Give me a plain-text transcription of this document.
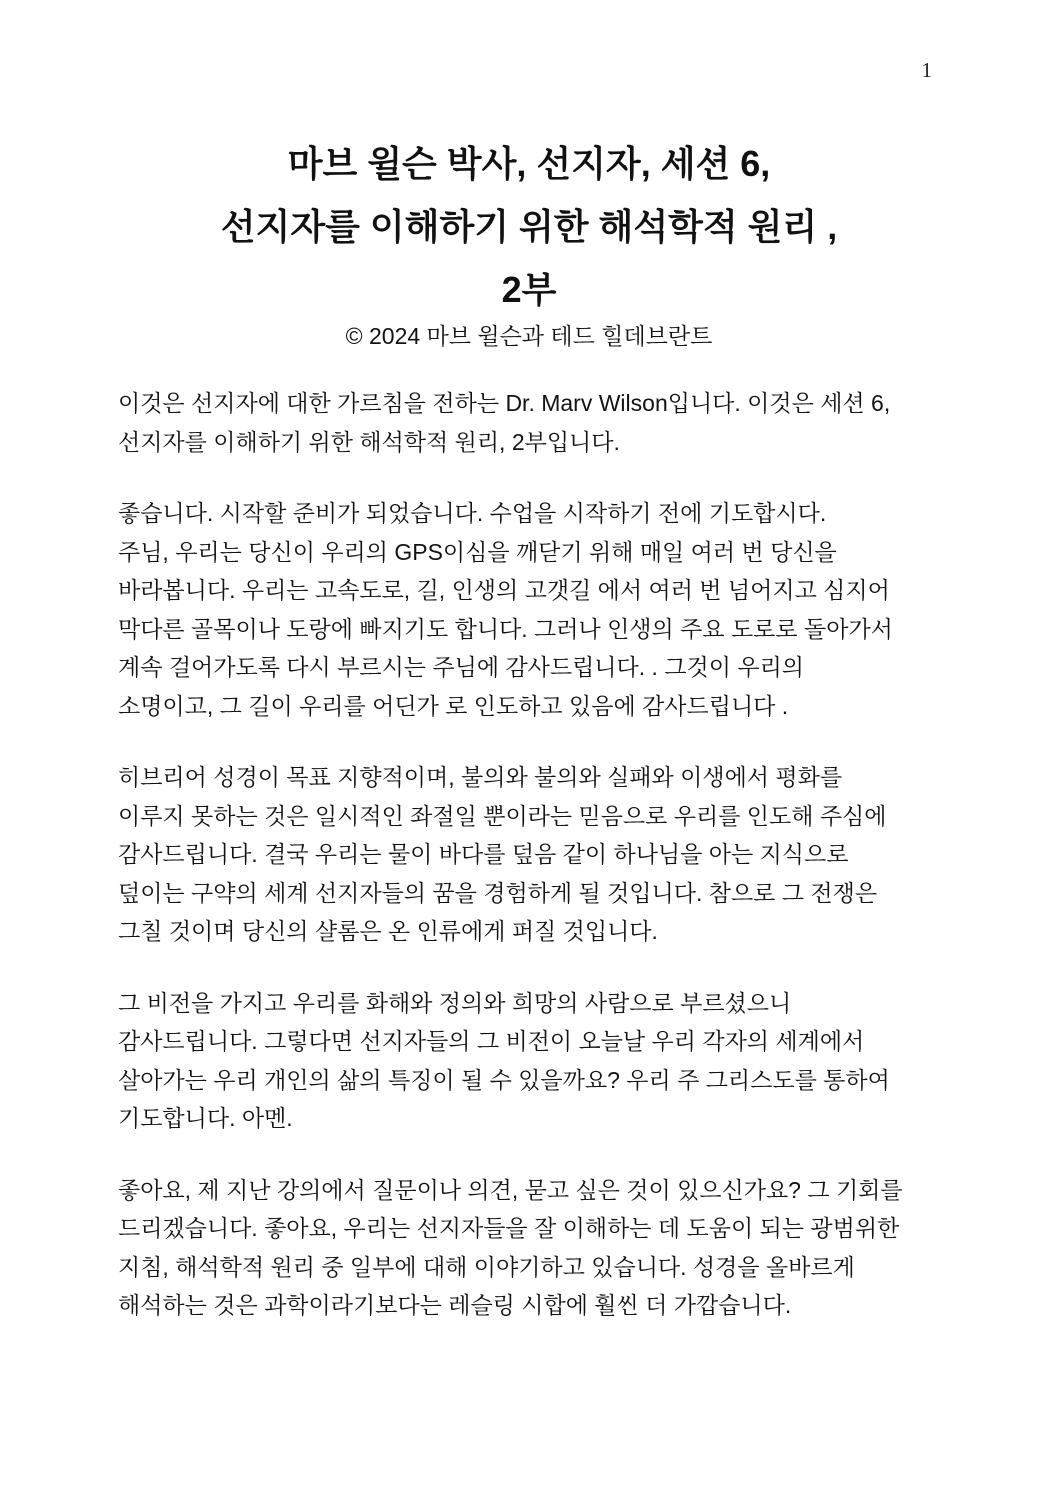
1
마브 윌슨 박사, 선지자, 세션 6,
선지자를 이해하기 위한 해석학적 원리 ,
2부
© 2024 마브 윌슨과 테드 힐데브란트

이것은 선지자에 대한 가르침을 전하는 Dr. Marv Wilson입니다. 이것은 세션 6,
선지자를 이해하기 위한 해석학적 원리, 2부입니다.

좋습니다. 시작할 준비가 되었습니다. 수업을 시작하기 전에 기도합시다.
주님, 우리는 당신이 우리의 GPS이심을 깨닫기 위해 매일 여러 번 당신을
바라봅니다. 우리는 고속도로, 길, 인생의 고갯길 에서 여러 번 넘어지고 심지어
막다른 골목이나 도랑에 빠지기도 합니다. 그러나 인생의 주요 도로로 돌아가서
계속 걸어가도록 다시 부르시는 주님에 감사드립니다. . 그것이 우리의
소명이고, 그 길이 우리를 어딘가 로 인도하고 있음에 감사드립니다 .

히브리어 성경이 목표 지향적이며, 불의와 불의와 실패와 이생에서 평화를
이루지 못하는 것은 일시적인 좌절일 뿐이라는 믿음으로 우리를 인도해 주심에
감사드립니다. 결국 우리는 물이 바다를 덮음 같이 하나님을 아는 지식으로
덮이는 구약의 세계 선지자들의 꿈을 경험하게 될 것입니다. 참으로 그 전쟁은
그칠 것이며 당신의 샬롬은 온 인류에게 퍼질 것입니다.

그 비전을 가지고 우리를 화해와 정의와 희망의 사람으로 부르셨으니
감사드립니다. 그렇다면 선지자들의 그 비전이 오늘날 우리 각자의 세계에서
살아가는 우리 개인의 삶의 특징이 될 수 있을까요? 우리 주 그리스도를 통하여
기도합니다. 아멘.

좋아요, 제 지난 강의에서 질문이나 의견, 묻고 싶은 것이 있으신가요? 그 기회를
드리겠습니다. 좋아요, 우리는 선지자들을 잘 이해하는 데 도움이 되는 광범위한
지침, 해석학적 원리 중 일부에 대해 이야기하고 있습니다. 성경을 올바르게
해석하는 것은 과학이라기보다는 레슬링 시합에 훨씬 더 가깝습니다.
